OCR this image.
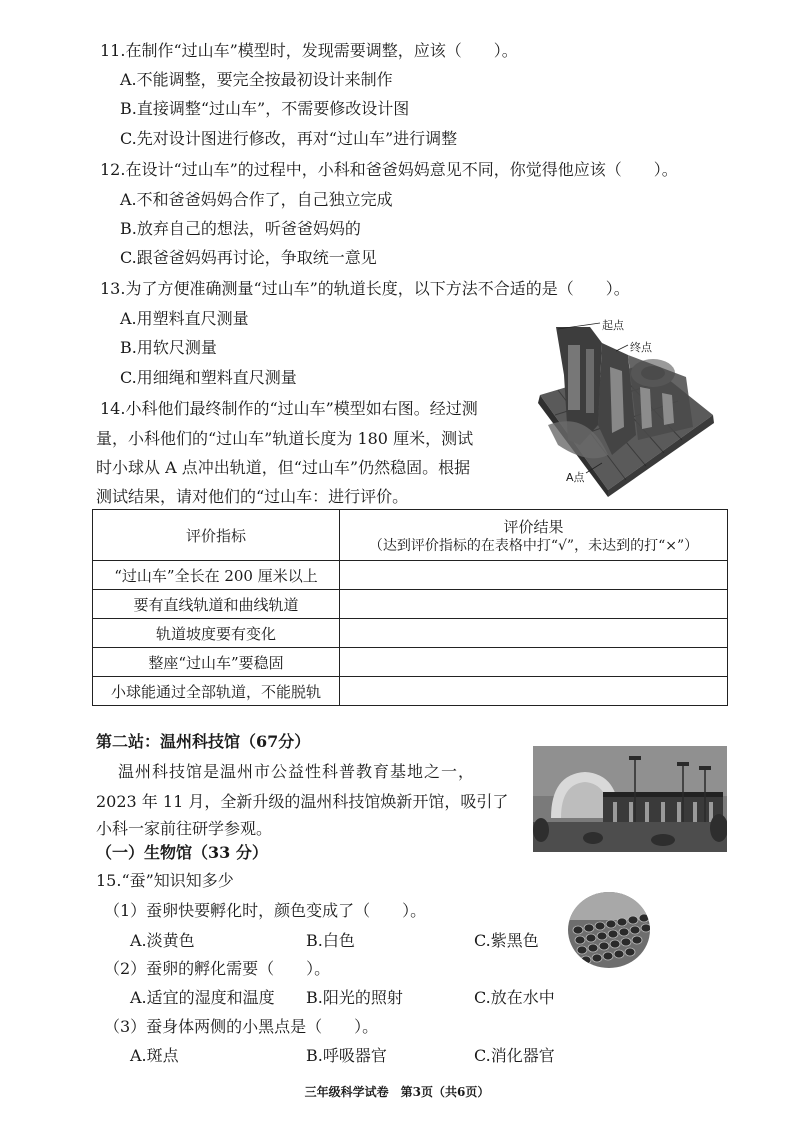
11.在制作“过山车”模型时，发现需要调整，应该（　　）。
A.不能调整，要完全按最初设计来制作
B.直接调整“过山车”，不需要修改设计图
C.先对设计图进行修改，再对“过山车”进行调整
12.在设计“过山车”的过程中，小科和爸爸妈妈意见不同，你觉得他应该（　　）。
A.不和爸爸妈妈合作了，自己独立完成
B.放弃自己的想法，听爸爸妈妈的
C.跟爸爸妈妈再讨论，争取统一意见
13.为了方便准确测量“过山车”的轨道长度，以下方法不合适的是（　　）。
A.用塑料直尺测量
B.用软尺测量
C.用细绳和塑料直尺测量
起点
终点
A点
14.小科他们最终制作的“过山车”模型如右图。经过测
量，小科他们的“过山车”轨道长度为 180 厘米，测试
时小球从 A 点冲出轨道，但“过山车”仍然稳固。根据
测试结果，请对他们的“过山车：进行评价。
评价指标	评价结果
（达到评价指标的在表格中打“√”，未达到的打“×”）

“过山车”全长在 200 厘米以上	
要有直线轨道和曲线轨道	
轨道坡度要有变化	
整座“过山车”要稳固	
小球能通过全部轨道，不能脱轨	
第二站：温州科技馆（67分）
温州科技馆是温州市公益性科普教育基地之一，
2023 年 11 月，全新升级的温州科技馆焕新开馆，吸引了
小科一家前往研学参观。
（一）生物馆（33 分）
15.“蚕”知识知多少
（1）蚕卵快要孵化时，颜色变成了（　　）。
A.淡黄色	B.白色	C.紫黑色
（2）蚕卵的孵化需要（　　）。
A.适宜的湿度和温度 B.阳光的照射	C.放在水中
（3）蚕身体两侧的小黑点是（　　）。
A.斑点	B.呼吸器官	C.消化器官
三年级科学试卷　第3页（共6页）
